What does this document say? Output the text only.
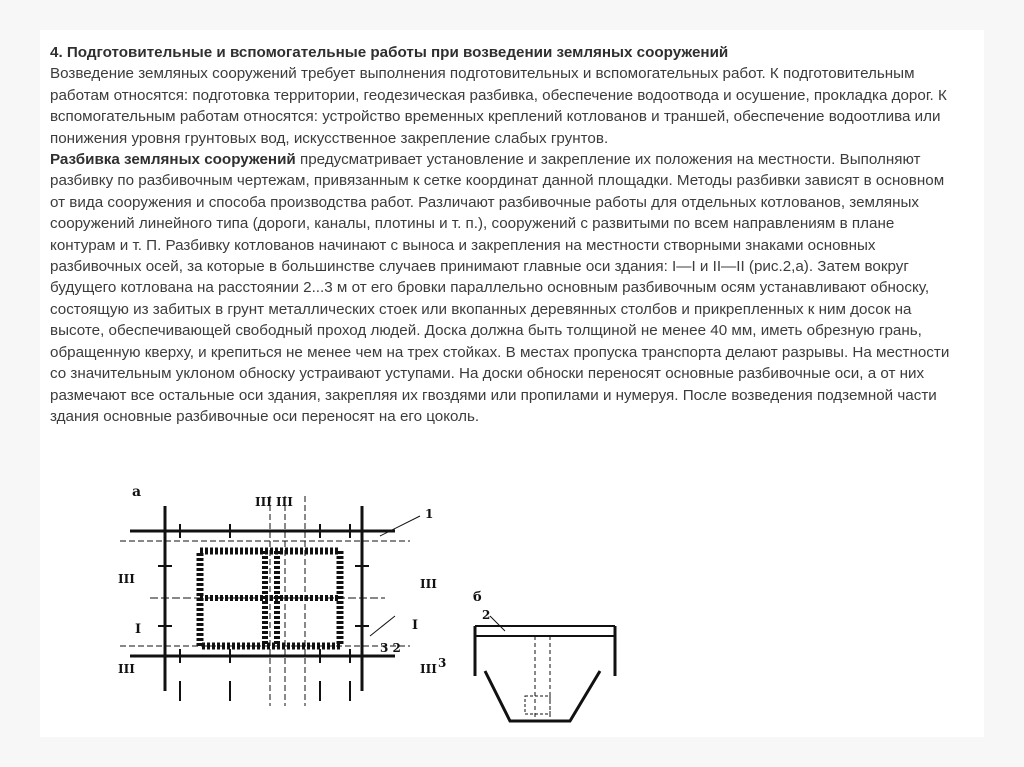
4. Подготовительные и вспомогательные работы при возведении земляных сооружений

Возведение земляных сооружений требует выполнения подготовительных и вспомогательных работ. К подготовительным работам относятся: подготовка территории, геодезическая разбивка, обеспечение водоотвода и осушение, прокладка дорог. К вспомогательным работам относятся: устройство временных креплений котлованов и траншей, обеспечение водоотлива или понижения уровня грунтовых вод, искусственное закрепление слабых грунтов.

Разбивка земляных сооружений предусматривает установление и закрепление их положения на местности. Выполняют разбивку по разбивочным чертежам, привязанным к сетке координат данной площадки. Методы разбивки зависят в основном от вида сооружения и способа производства работ. Различают разбивочные работы для отдельных котлованов, земляных сооружений линейного типа (дороги, каналы, плотины и т. п.), сооружений с развитыми по всем направлениям в плане контурам и т. П. Разбивку котлованов начинают с выноса и закрепления на местности створными знаками основных разбивочных осей, за которые в большинстве случаев принимают главные оси здания: I—I и II—II (рис.2,а). Затем вокруг будущего котлована на расстоянии 2...3 м от его бровки параллельно основным разбивочным осям устанавливают обноску, состоящую из забитых в грунт металлических стоек или вкопанных деревянных столбов и прикрепленных к ним досок на высоте, обеспечивающей свободный проход людей. Доска должна быть толщиной не менее 40 мм, иметь обрезную грань, обращенную кверху, и крепиться не менее чем на трех стойках. В местах пропуска транспорта делают разрывы. На местности со значительным уклоном обноску устраивают уступами. На доски обноски переносят основные разбивочные оси, а от них размечают все остальные оси здания, закрепляя их гвоздями или пропилами и нумеруя. После возведения подземной части здания основные разбивочные оси переносят на его цоколь.

а
III III
1
III	III
I	I
III	III
3 2
б
2
3
